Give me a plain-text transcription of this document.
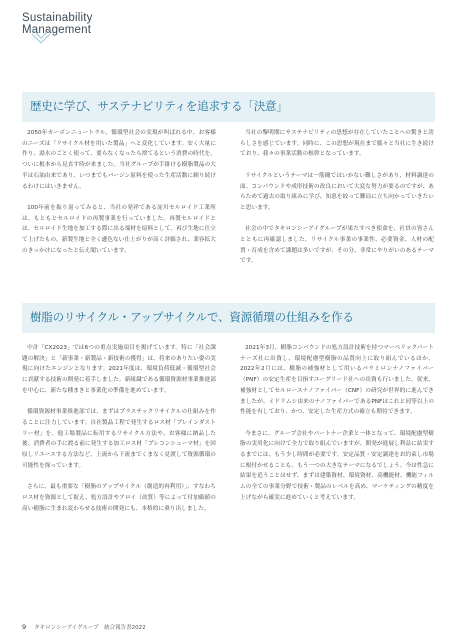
Sustainability
Management
歴史に学び、サステナビリティを追求する「決意」

2050年カーボンニュートラル、循環型社会の実現が叫ばれる中、お客様のニーズは「リサイクル材を用いた製品」へと変化しています。安く大量に作り、湯水のごとく使って、要らなくなったら捨てるという消費の時代を、ついに根本から見直す時が来ました。当社グループが手掛ける樹脂製品の大半は石油由来であり、いつまでもバージン原料を使った生産活動に頼り続けるわけにはいきません。

100年前を振り返ってみると、当社の発祥である淀川セルロイド工業所は、もともとセルロイドの再製事業を行っていました。再製セルロイドとは、セルロイド生地を加工する際に出る端材を原料として、再び生地に仕立て上げたもの。新製生地と全く遜色ない仕上がりが高く評価され、業容拡大のきっかけになったと伝え聞いています。

当社の黎明期にサステナビリティの思想が存在していたことへの驚きと誇らしさを感じています。同時に、この思想が現在まで脈々と当社に生き続けており、我々の事業活動の根幹となっています。

リサイクルというテーマは一筋縄ではいかない難しさがあり、材料調達の面、コンパウンドや成形技術の改良において大変な努力が要るのですが、あらためて過去の取り組みに学び、知恵を絞って難局に立ち向かっていきたいと思います。

社会の中でタキロンシーアイグループが果たすべき使命を、社員の皆さんとともに再確認しました。リサイクル事業の事業性、必要資金、人材の配置・育成を含めて課題は多いですが、その分、非常にやりがいのあるテーマです。

樹脂のリサイクル・アップサイクルで、資源循環の仕組みを作る

中計「CX2023」では6つの重点実施項目を掲げています。特に「社会課題の解決」と「新事業・新製品・新技術の獲得」は、将来のありたい姿の実現に向けたエンジンとなります。2021年度は、環境負荷低減・循環型社会に貢献する技術の開発に着手しました。新組織である循環資源材事業推進部を中心に、新たな種まきと事業化の準備を進めています。

循環資源材事業推進部では、まずはプラスチックリサイクルの仕組みを作ることに注力しています。自社製品工程で発生するロス材「ブレインダストリー材」を、他工場製品に転用するリサイクル方法や、お客様に納品した後、消費者の手に渡る前に発生する加工ロス材「プレコンシューマ材」を回収しリユースする方法など、上流から下流までくまなく見渡して資源循環の可能性を探っています。

さらに、最も重要な「樹脂のアップサイクル（創造的再利用）」、すなわちロス材を資源として捉え、処方設計やアロイ（改質）等によって付加価値の高い樹脂に生まれ変わらせる技術の開発にも、本格的に乗り出しました。

2021年3月、樹脂コンパウンドの処方設計技術を持つマーベリックパートナーズ社に出資し、環境配慮型樹脂の品質向上に取り組んでいるほか、2022年2月には、樹脂の補強材として用いるバラミロンナノファイバー（PNF）の安定生産を目指すユーグリード社への出資も行いました。従来、補強材としてセルロースナノファイバー（CNF）の研究が世界的に進んできましたが、ミドリムシ由来のナノファイバーであるPNFはこれと同等以上の性能を有しており、かつ、安定した生産方式の確立も期待できます。

今まさに、グループ会社やパートナー企業と一体となって、環境配慮型樹脂の実用化に向けて全力で取り組んでいますが、開発が進展し利益に結実するまでには、もう少し時間が必要です。安定品質・安定調達をお約束し市場に根付かせることも、もう一つの大きなテーマになるでしょう。今は性急に結果を追うことはせず、まずは建築資材、環境資材、高機能材、機能フィルムの全ての事業分野で技術・製品のレベルを高め、マーケティングの精度を上げながら確実に進めていくと考えています。

9 タキロンシーアイグループ　統合報告書2022
